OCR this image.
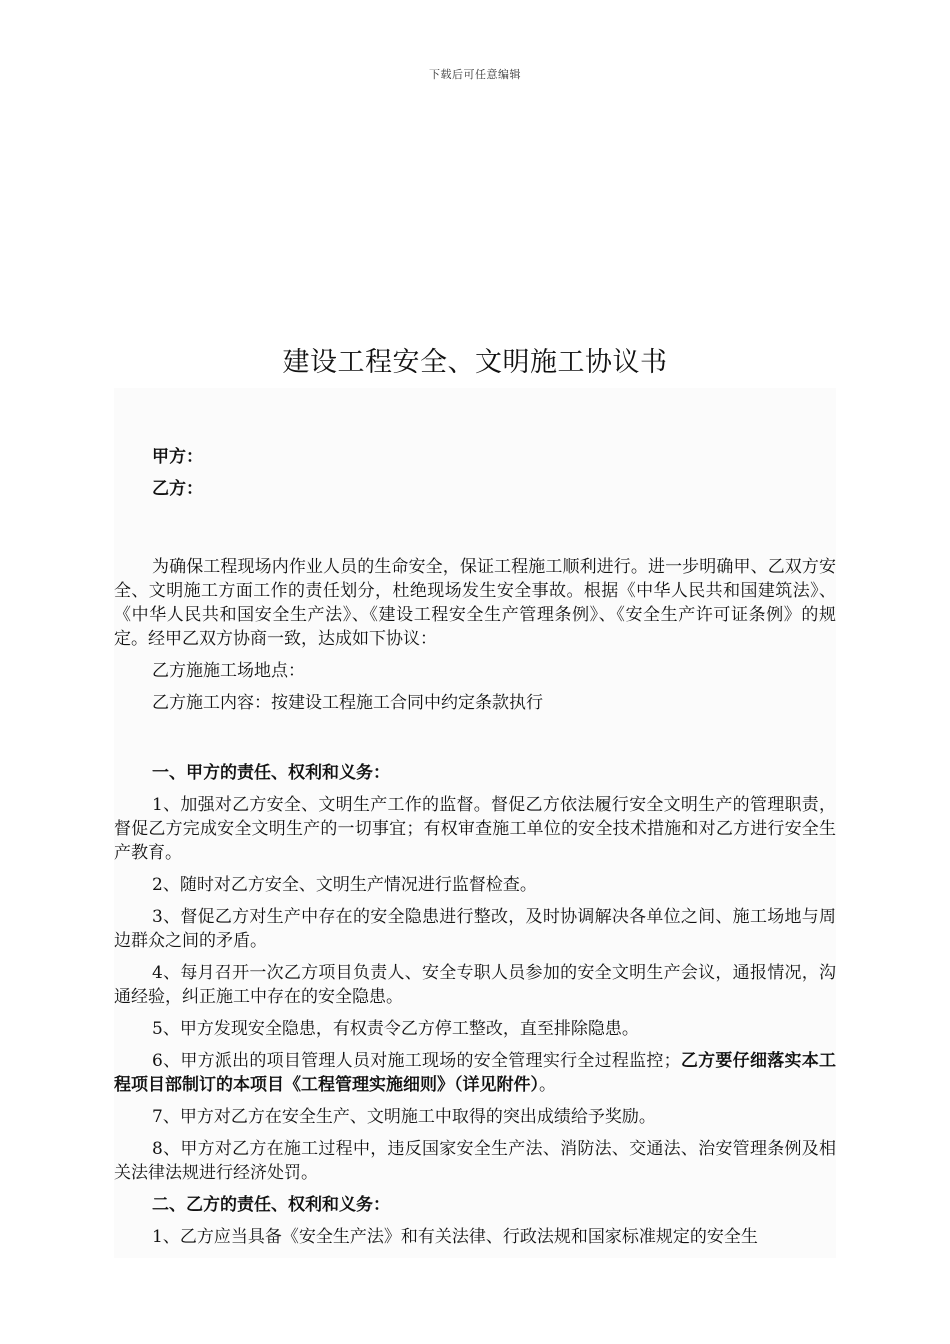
下载后可任意编辑
建设工程安全、文明施工协议书

甲方：

乙方：

为确保工程现场内作业人员的生命安全，保证工程施工顺利进行。进一步明确甲、乙双方安全、文明施工方面工作的责任划分，杜绝现场发生安全事故。根据《中华人民共和国建筑法》、《中华人民共和国安全生产法》、《建设工程安全生产管理条例》、《安全生产许可证条例》的规定。经甲乙双方协商一致，达成如下协议：

乙方施施工场地点：

乙方施工内容：按建设工程施工合同中约定条款执行

一、甲方的责任、权利和义务：

1、加强对乙方安全、文明生产工作的监督。督促乙方依法履行安全文明生产的管理职责，督促乙方完成安全文明生产的一切事宜；有权审查施工单位的安全技术措施和对乙方进行安全生产教育。

2、随时对乙方安全、文明生产情况进行监督检查。

3、督促乙方对生产中存在的安全隐患进行整改，及时协调解决各单位之间、施工场地与周边群众之间的矛盾。

4、每月召开一次乙方项目负责人、安全专职人员参加的安全文明生产会议，通报情况，沟通经验，纠正施工中存在的安全隐患。

5、甲方发现安全隐患，有权责令乙方停工整改，直至排除隐患。

6、甲方派出的项目管理人员对施工现场的安全管理实行全过程监控；乙方要仔细落实本工程项目部制订的本项目《工程管理实施细则》（详见附件）。

7、甲方对乙方在安全生产、文明施工中取得的突出成绩给予奖励。

8、甲方对乙方在施工过程中，违反国家安全生产法、消防法、交通法、治安管理条例及相关法律法规进行经济处罚。

二、乙方的责任、权利和义务：

1、乙方应当具备《安全生产法》和有关法律、行政法规和国家标准规定的安全生
